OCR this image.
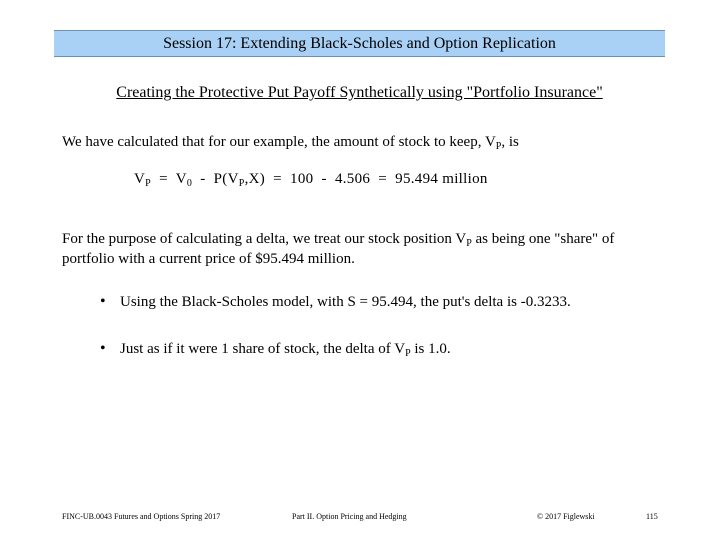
Session 17: Extending Black-Scholes and Option Replication
Creating the Protective Put Payoff Synthetically using "Portfolio Insurance"
We have calculated that for our example, the amount of stock to keep, $V_P$, is
$V_P = V_0 - P(V_P,X) = 100 - 4.506 = 95.494$ million
For the purpose of calculating a delta, we treat our stock position $V_P$ as being one "share" of
portfolio with a current price of $95.494 million.
• Using the Black-Scholes model, with S = 95.494, the put's delta is -0.3233.
• Just as if it were 1 share of stock, the delta of $V_P$ is 1.0.
FINC-UB.0043 Futures and Options Spring 2017	Part II. Option Pricing and Hedging	© 2017 Figlewski	115
